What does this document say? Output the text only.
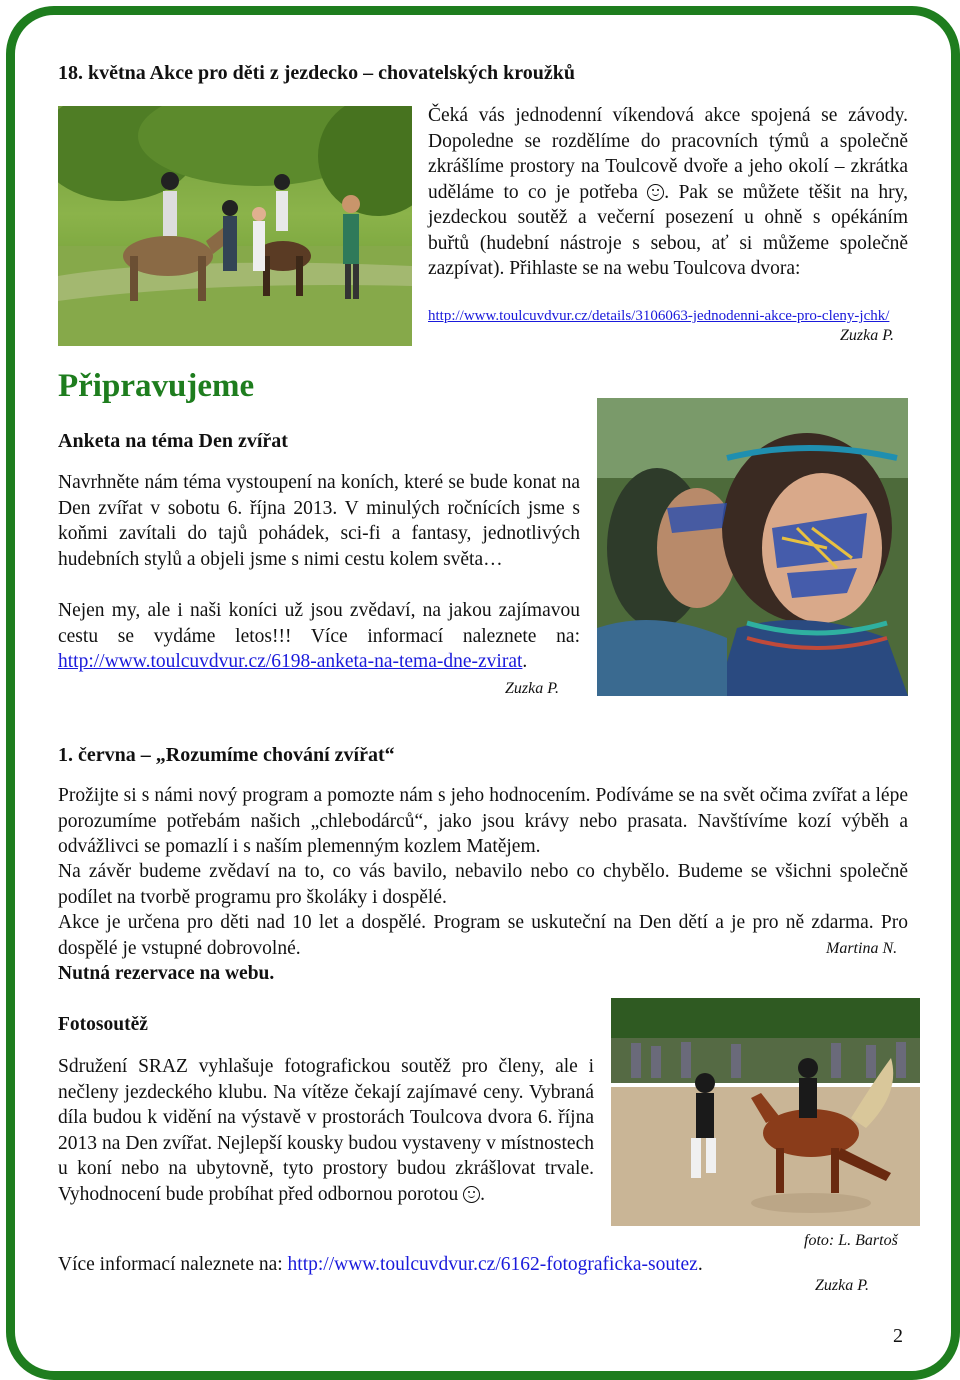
18. května Akce pro děti z jezdecko – chovatelských kroužků
Čeká vás jednodenní víkendová akce spojená se závody. Dopoledne se rozdělíme do pracovních týmů a společně zkrášlíme prostory na Toulcově dvoře a jeho okolí – zkrátka uděláme to co je potřeba . Pak se můžete těšit na hry, jezdeckou soutěž a večerní posezení u ohně s opékáním buřtů (hudební nástroje s sebou, ať si můžeme společně zazpívat). Přihlaste se na webu Toulcova dvora:
http://www.toulcuvdvur.cz/details/3106063-jednodenni-akce-pro-cleny-jchk/
Zuzka P.
Připravujeme
Anketa na téma Den zvířat
Navrhněte nám téma vystoupení na koních, které se bude konat na Den zvířat v sobotu 6. října 2013. V minulých ročnících jsme s koňmi zavítali do tajů pohádek, sci-fi a fantasy, jednotlivých hudebních stylů a objeli jsme s nimi cestu kolem světa…
Nejen my, ale i naši koníci už jsou zvědaví, na jakou zajímavou cestu se vydáme letos!!! Více informací naleznete na: http://www.toulcuvdvur.cz/6198-anketa-na-tema-dne-zvirat.
Zuzka P.
1. června – „Rozumíme chování zvířat“
Prožijte si s námi nový program a pomozte nám s jeho hodnocením. Podíváme se na svět očima zvířat a lépe porozumíme potřebám našich „chlebodárců“, jako jsou krávy nebo prasata. Navštívíme kozí výběh a odvážlivci se pomazlí i s naším plemenným kozlem Matějem.
Na závěr budeme zvědaví na to, co vás bavilo, nebavilo nebo co chybělo. Budeme se všichni společně podílet na tvorbě programu pro školáky i dospělé.
Akce je určena pro děti nad 10 let a dospělé. Program se uskuteční na Den dětí a je pro ně zdarma. Pro dospělé je vstupné dobrovolné.	Martina N.
Nutná rezervace na webu.
Fotosoutěž
Sdružení SRAZ vyhlašuje fotografickou soutěž pro členy, ale i nečleny jezdeckého klubu. Na vítěze čekají zajímavé ceny. Vybraná díla budou k vidění na výstavě v prostorách Toulcova dvora 6. října 2013 na Den zvířat. Nejlepší kousky budou vystaveny v místnostech u koní nebo na ubytovně, tyto prostory budou zkrášlovat trvale. Vyhodnocení bude probíhat před odbornou porotou .
foto: L. Bartoš
Více informací naleznete na: http://www.toulcuvdvur.cz/6162-fotograficka-soutez.
Zuzka P.
2
